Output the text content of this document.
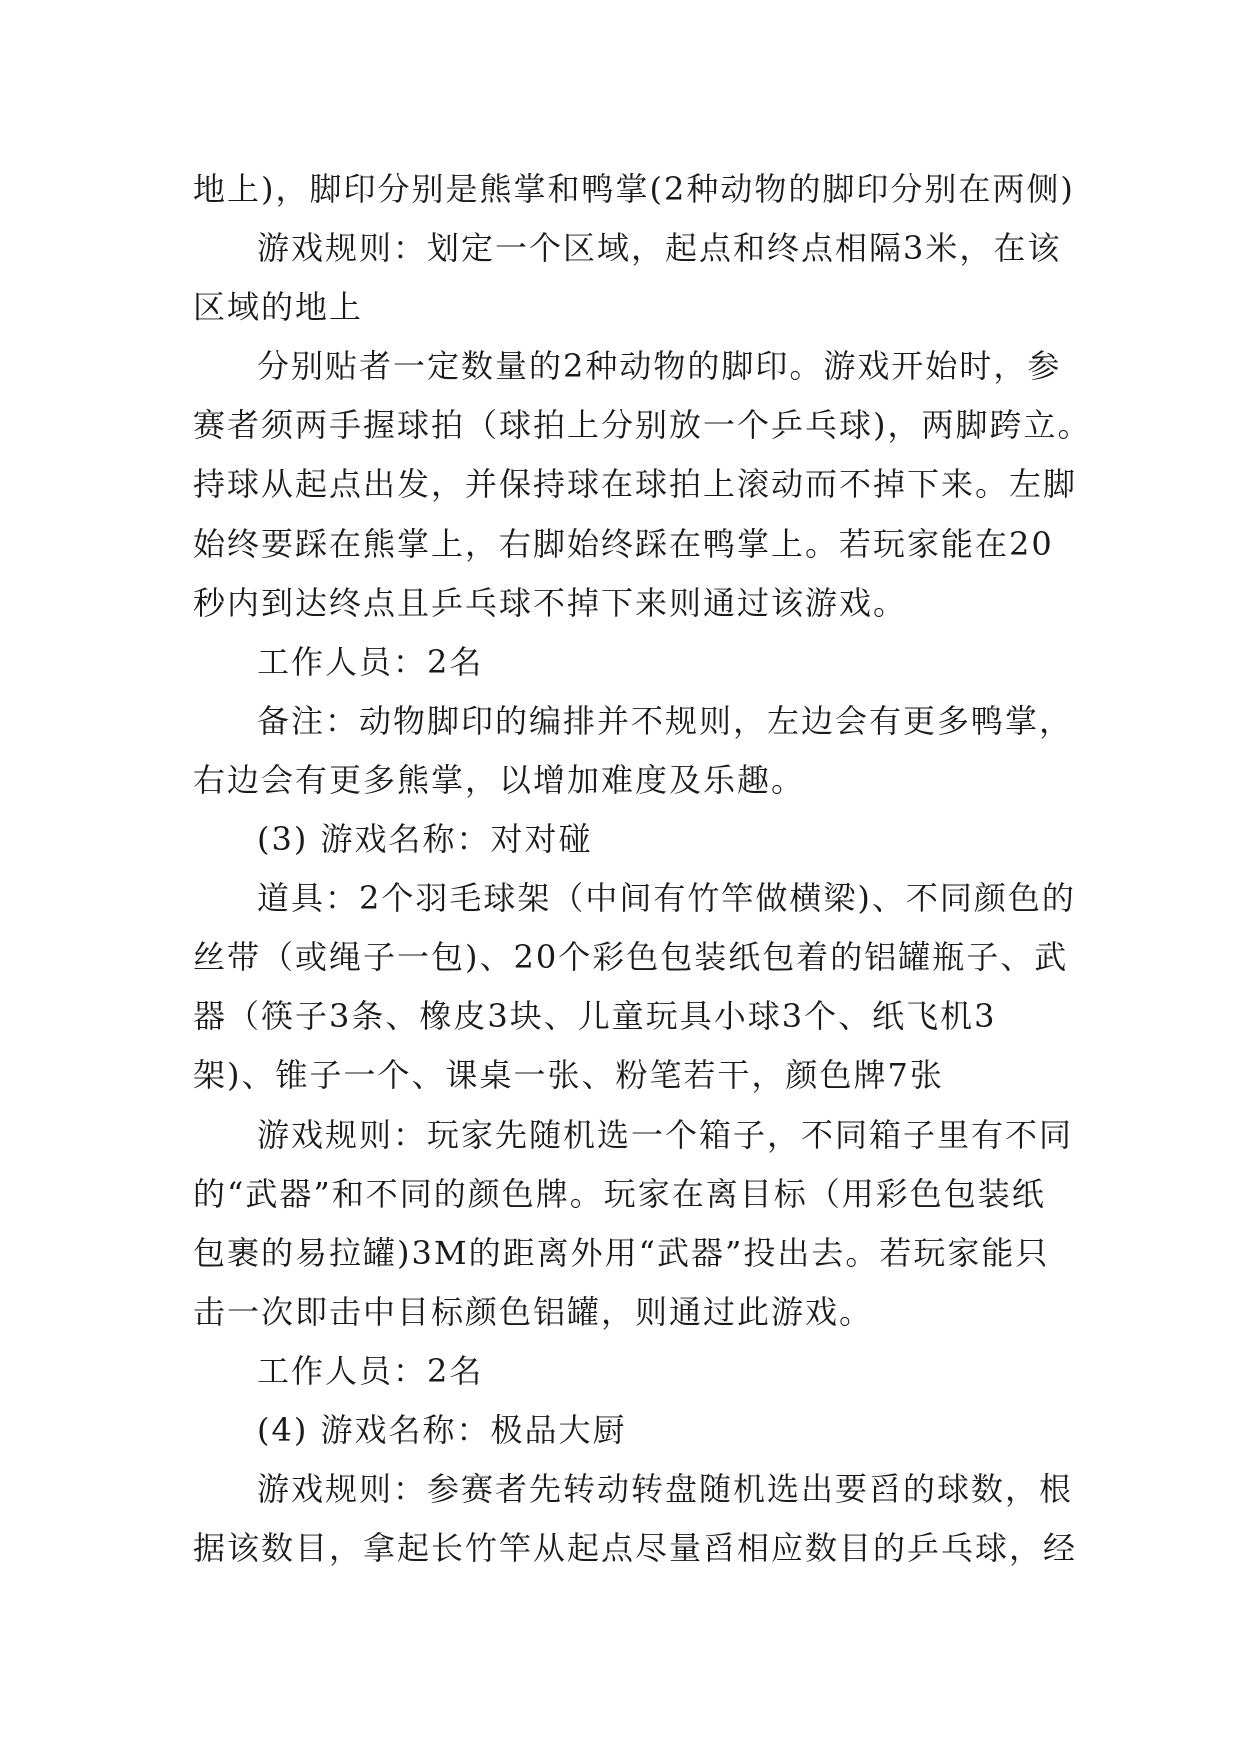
地上)，脚印分别是熊掌和鸭掌(2种动物的脚印分别在两侧)
游戏规则：划定一个区域，起点和终点相隔3米，在该
区域的地上
分别贴者一定数量的2种动物的脚印。游戏开始时，参
赛者须两手握球拍（球拍上分别放一个乒乓球)，两脚跨立。
持球从起点出发，并保持球在球拍上滚动而不掉下来。左脚
始终要踩在熊掌上，右脚始终踩在鸭掌上。若玩家能在20
秒内到达终点且乒乓球不掉下来则通过该游戏。
工作人员：2名
备注：动物脚印的编排并不规则，左边会有更多鸭掌，
右边会有更多熊掌，以增加难度及乐趣。
(3) 游戏名称：对对碰
道具：2个羽毛球架（中间有竹竿做横梁)、不同颜色的
丝带（或绳子一包)、20个彩色包装纸包着的铝罐瓶子、武
器（筷子3条、橡皮3块、儿童玩具小球3个、纸飞机3
架)、锥子一个、课桌一张、粉笔若干，颜色牌7张
游戏规则：玩家先随机选一个箱子，不同箱子里有不同
的“武器”和不同的颜色牌。玩家在离目标（用彩色包装纸
包裹的易拉罐)3M的距离外用“武器”投出去。若玩家能只
击一次即击中目标颜色铝罐，则通过此游戏。
工作人员：2名
(4) 游戏名称：极品大厨
游戏规则：参赛者先转动转盘随机选出要舀的球数，根
据该数目，拿起长竹竿从起点尽量舀相应数目的乒乓球，经
